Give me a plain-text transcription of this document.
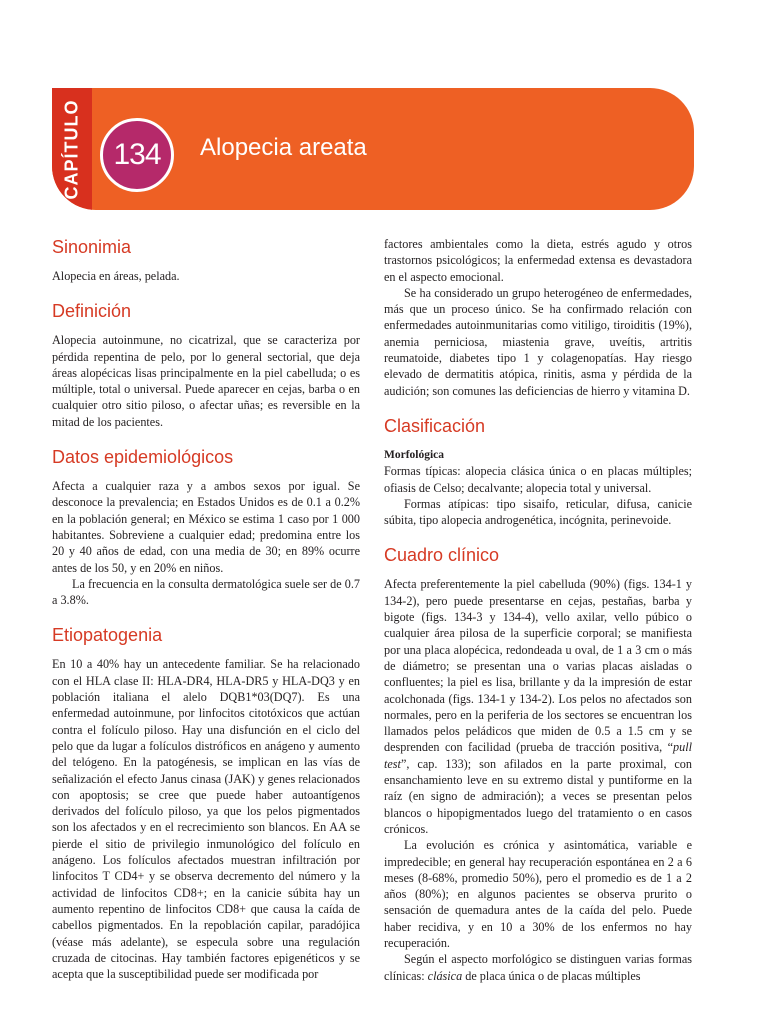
CAPÍTULO 134 Alopecia areata
Sinonimia

Alopecia en áreas, pelada.

Definición

Alopecia autoinmune, no cicatrizal, que se caracteriza por pérdida repentina de pelo, por lo general sectorial, que deja áreas alopécicas lisas principalmente en la piel cabelluda; o es múltiple, total o universal. Puede aparecer en cejas, barba o en cualquier otro sitio piloso, o afectar uñas; es reversible en la mitad de los pacientes.

Datos epidemiológicos

Afecta a cualquier raza y a ambos sexos por igual. Se desconoce la prevalencia; en Estados Unidos es de 0.1 a 0.2% en la población general; en México se estima 1 caso por 1 000 habitantes. Sobreviene a cualquier edad; predomina entre los 20 y 40 años de edad, con una media de 30; en 89% ocurre antes de los 50, y en 20% en niños.

La frecuencia en la consulta dermatológica suele ser de 0.7 a 3.8%.

Etiopatogenia

En 10 a 40% hay un antecedente familiar. Se ha relacionado con el HLA clase II: HLA-DR4, HLA-DR5 y HLA-DQ3 y en población italiana el alelo DQB1*03(DQ7). Es una enfermedad autoinmune, por linfocitos citotóxicos que actúan contra el folículo piloso. Hay una disfunción en el ciclo del pelo que da lugar a folículos distróficos en anágeno y aumento del telógeno. En la patogénesis, se implican en las vías de señalización el efecto Janus cinasa (JAK) y genes relacionados con apoptosis; se cree que puede haber autoantígenos derivados del folículo piloso, ya que los pelos pigmentados son los afectados y en el recrecimiento son blancos. En AA se pierde el sitio de privilegio inmunológico del folículo en anágeno. Los folículos afectados muestran infiltración por linfocitos T CD4+ y se observa decremento del número y la actividad de linfocitos CD8+; en la canicie súbita hay un aumento repentino de linfocitos CD8+ que causa la caída de cabellos pigmentados. En la repoblación capilar, paradójica (véase más adelante), se especula sobre una regulación cruzada de citocinas. Hay también factores epigenéticos y se acepta que la susceptibilidad puede ser modificada por

factores ambientales como la dieta, estrés agudo y otros trastornos psicológicos; la enfermedad extensa es devastadora en el aspecto emocional.

Se ha considerado un grupo heterogéneo de enfermedades, más que un proceso único. Se ha confirmado relación con enfermedades autoinmunitarias como vitiligo, tiroiditis (19%), anemia perniciosa, miastenia grave, uveítis, artritis reumatoide, diabetes tipo 1 y colagenopatías. Hay riesgo elevado de dermatitis atópica, rinitis, asma y pérdida de la audición; son comunes las deficiencias de hierro y vitamina D.

Clasificación
Morfológica

Formas típicas: alopecia clásica única o en placas múltiples; ofiasis de Celso; decalvante; alopecia total y universal.

Formas atípicas: tipo sisaifo, reticular, difusa, canicie súbita, tipo alopecia androgenética, incógnita, perinevoide.

Cuadro clínico

Afecta preferentemente la piel cabelluda (90%) (figs. 134-1 y 134-2), pero puede presentarse en cejas, pestañas, barba y bigote (figs. 134-3 y 134-4), vello axilar, vello púbico o cualquier área pilosa de la superficie corporal; se manifiesta por una placa alopécica, redondeada u oval, de 1 a 3 cm o más de diámetro; se presentan una o varias placas aisladas o confluentes; la piel es lisa, brillante y da la impresión de estar acolchonada (figs. 134-1 y 134-2). Los pelos no afectados son normales, pero en la periferia de los sectores se encuentran los llamados pelos peládicos que miden de 0.5 a 1.5 cm y se desprenden con facilidad (prueba de tracción positiva, “pull test”, cap. 133); son afilados en la parte proximal, con ensanchamiento leve en su extremo distal y puntiforme en la raíz (en signo de admiración); a veces se presentan pelos blancos o hipopigmentados luego del tratamiento o en casos crónicos.

La evolución es crónica y asintomática, variable e impredecible; en general hay recuperación espontánea en 2 a 6 meses (8-68%, promedio 50%), pero el promedio es de 1 a 2 años (80%); en algunos pacientes se observa prurito o sensación de quemadura antes de la caída del pelo. Puede haber recidiva, y en 10 a 30% de los enfermos no hay recuperación.

Según el aspecto morfológico se distinguen varias formas clínicas: clásica de placa única o de placas múltiples
